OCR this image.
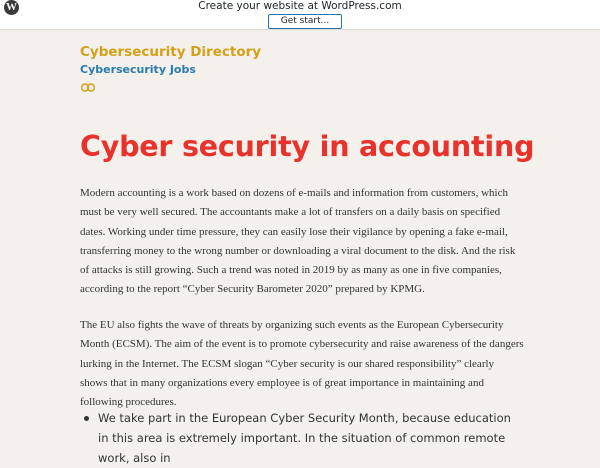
W	Create your website at WordPress.com
Get start...
Cybersecurity Directory
Cybersecurity Jobs
Cyber security in accounting

Modern accounting is a work based on dozens of e-mails and information from customers, which must be very well secured. The accountants make a lot of transfers on a daily basis on specified dates. Working under time pressure, they can easily lose their vigilance by opening a fake e-mail, transferring money to the wrong number or downloading a viral document to the disk. And the risk of attacks is still growing. Such a trend was noted in 2019 by as many as one in five companies, according to the report “Cyber Security Barometer 2020” prepared by KPMG.

The EU also fights the wave of threats by organizing such events as the European Cybersecurity Month (ECSM). The aim of the event is to promote cybersecurity and raise awareness of the dangers lurking in the Internet. The ECSM slogan “Cyber security is our shared responsibility” clearly shows that in many organizations every employee is of great importance in maintaining and following procedures.

We take part in the European Cyber Security Month, because education in this area is extremely important. In the situation of common remote work, also in
